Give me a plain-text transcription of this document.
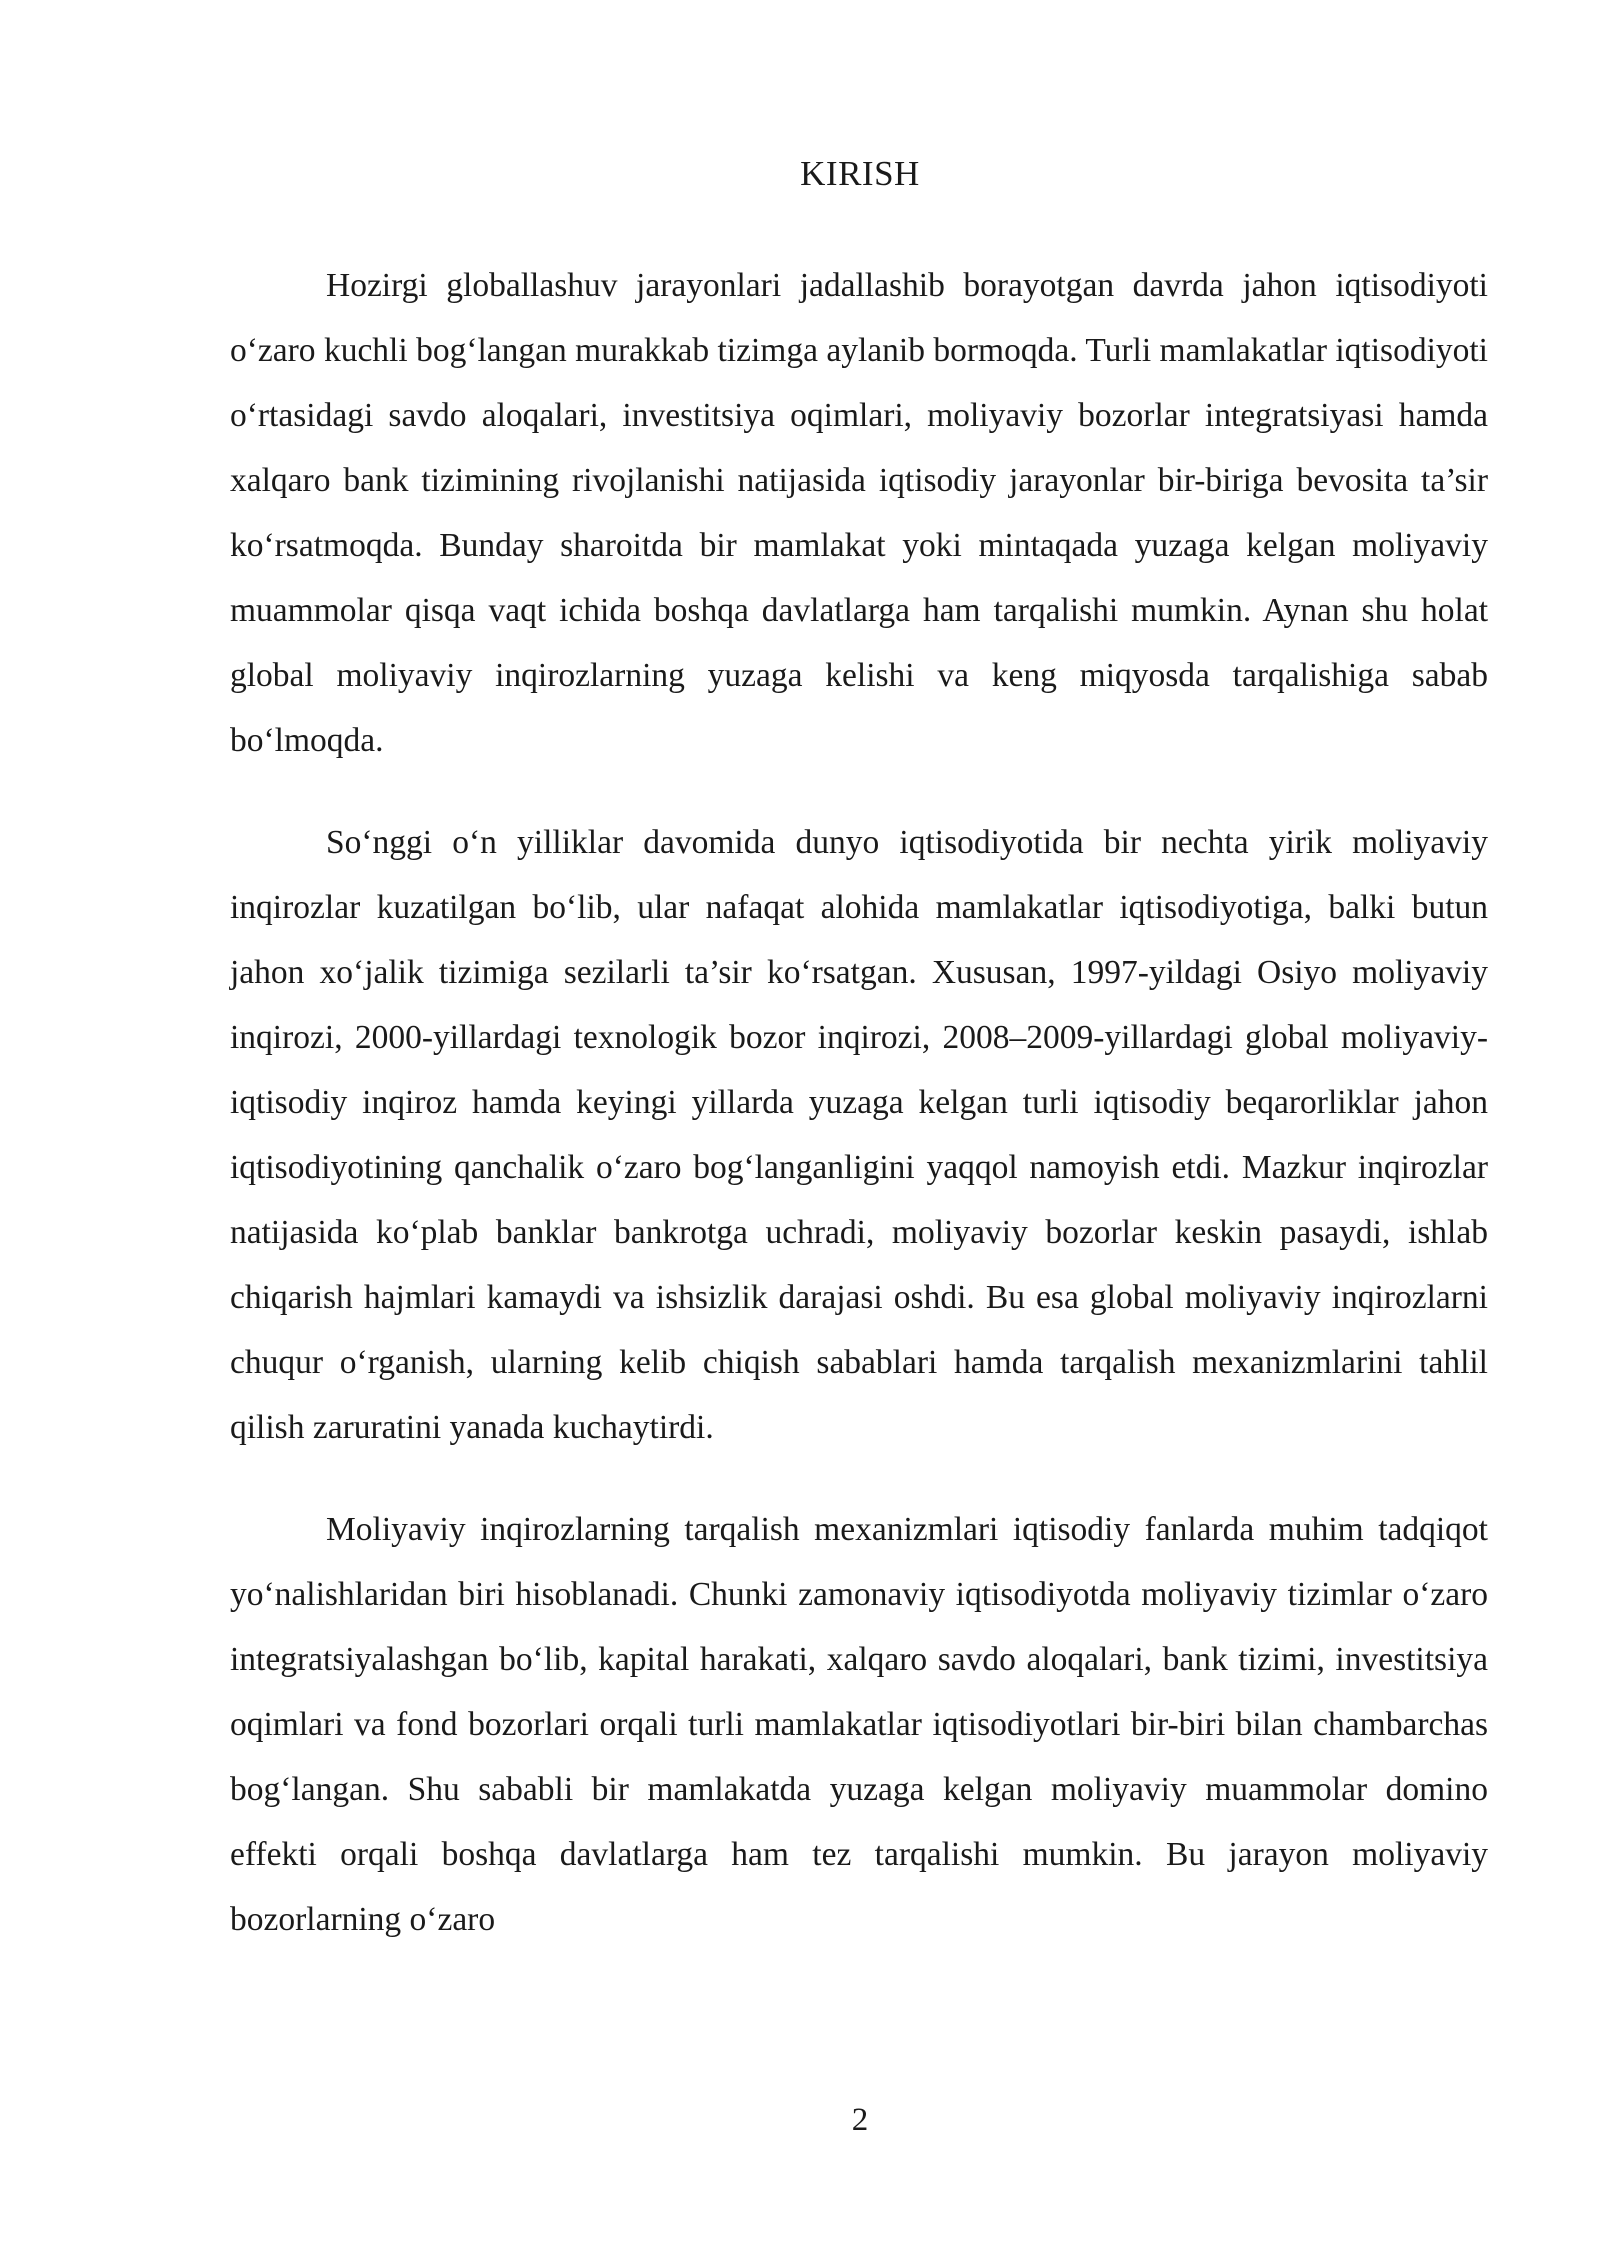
KIRISH

Hozirgi globallashuv jarayonlari jadallashib borayotgan davrda jahon iqtisodiyoti o‘zaro kuchli bog‘langan murakkab tizimga aylanib bormoqda. Turli mamlakatlar iqtisodiyoti o‘rtasidagi savdo aloqalari, investitsiya oqimlari, moliyaviy bozorlar integratsiyasi hamda xalqaro bank tizimining rivojlanishi natijasida iqtisodiy jarayonlar bir-biriga bevosita ta’sir ko‘rsatmoqda. Bunday sharoitda bir mamlakat yoki mintaqada yuzaga kelgan moliyaviy muammolar qisqa vaqt ichida boshqa davlatlarga ham tarqalishi mumkin. Aynan shu holat global moliyaviy inqirozlarning yuzaga kelishi va keng miqyosda tarqalishiga sabab bo‘lmoqda.

So‘nggi o‘n yilliklar davomida dunyo iqtisodiyotida bir nechta yirik moliyaviy inqirozlar kuzatilgan bo‘lib, ular nafaqat alohida mamlakatlar iqtisodiyotiga, balki butun jahon xo‘jalik tizimiga sezilarli ta’sir ko‘rsatgan. Xususan, 1997-yildagi Osiyo moliyaviy inqirozi, 2000-yillardagi texnologik bozor inqirozi, 2008–2009-yillardagi global moliyaviy-iqtisodiy inqiroz hamda keyingi yillarda yuzaga kelgan turli iqtisodiy beqarorliklar jahon iqtisodiyotining qanchalik o‘zaro bog‘langanligini yaqqol namoyish etdi. Mazkur inqirozlar natijasida ko‘plab banklar bankrotga uchradi, moliyaviy bozorlar keskin pasaydi, ishlab chiqarish hajmlari kamaydi va ishsizlik darajasi oshdi. Bu esa global moliyaviy inqirozlarni chuqur o‘rganish, ularning kelib chiqish sabablari hamda tarqalish mexanizmlarini tahlil qilish zaruratini yanada kuchaytirdi.

Moliyaviy inqirozlarning tarqalish mexanizmlari iqtisodiy fanlarda muhim tadqiqot yo‘nalishlaridan biri hisoblanadi. Chunki zamonaviy iqtisodiyotda moliyaviy tizimlar o‘zaro integratsiyalashgan bo‘lib, kapital harakati, xalqaro savdo aloqalari, bank tizimi, investitsiya oqimlari va fond bozorlari orqali turli mamlakatlar iqtisodiyotlari bir-biri bilan chambarchas bog‘langan. Shu sababli bir mamlakatda yuzaga kelgan moliyaviy muammolar domino effekti orqali boshqa davlatlarga ham tez tarqalishi mumkin. Bu jarayon moliyaviy bozorlarning o‘zaro

2
